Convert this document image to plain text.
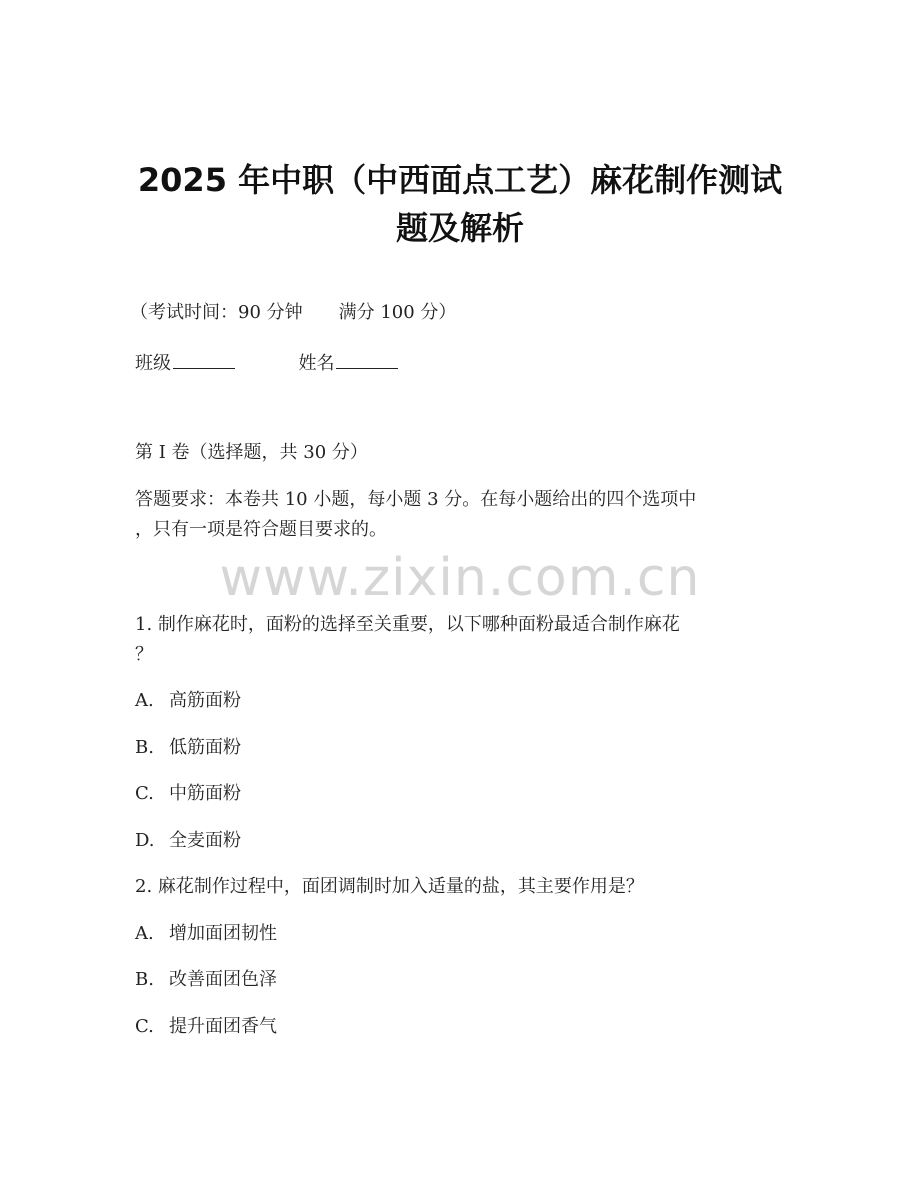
2025 年中职（中西面点工艺）麻花制作测试
题及解析
（考试时间：90 分钟　　满分 100 分）
班级	姓名
第 I 卷（选择题，共 30 分）
答题要求：本卷共 10 小题，每小题 3 分。在每小题给出的四个选项中
，只有一项是符合题目要求的。
www.zixin.com.cn
1. 制作麻花时，面粉的选择至关重要，以下哪种面粉最适合制作麻花
？
A. 高筋面粉
B. 低筋面粉
C. 中筋面粉
D. 全麦面粉
2. 麻花制作过程中，面团调制时加入适量的盐，其主要作用是？
A. 增加面团韧性
B. 改善面团色泽
C. 提升面团香气
